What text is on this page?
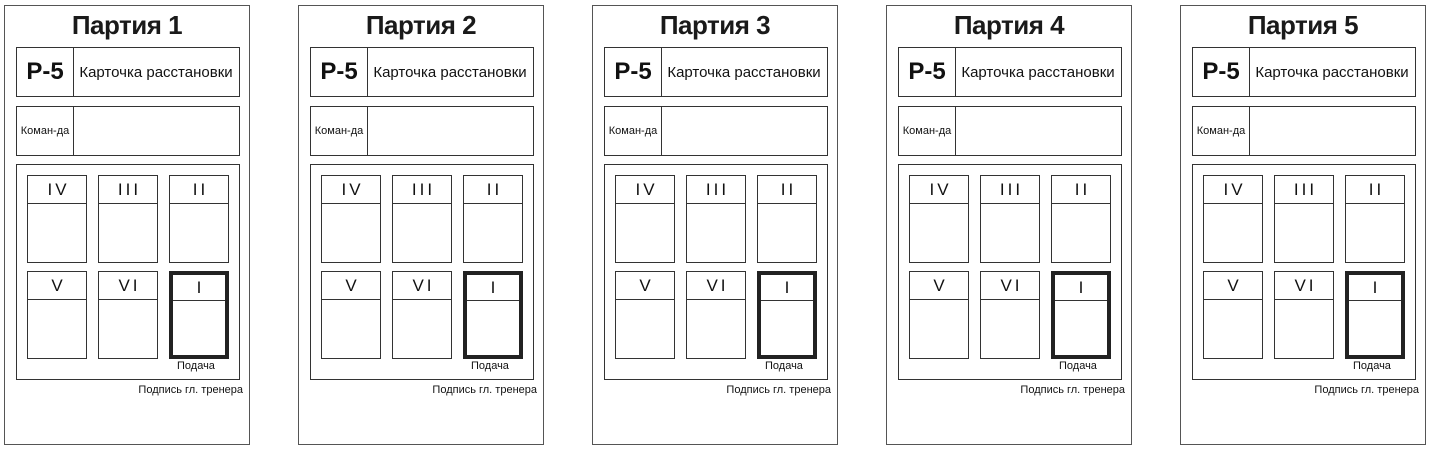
Партия 1
Р-5	Карточка расстановки
Коман-да
IV	III	II
V	VI	I
Подача
Подпись гл. тренера
Партия 2
Р-5	Карточка расстановки
Коман-да
IV	III	II
V	VI	I
Подача
Подпись гл. тренера
Партия 3
Р-5	Карточка расстановки
Коман-да
IV	III	II
V	VI	I
Подача
Подпись гл. тренера
Партия 4
Р-5	Карточка расстановки
Коман-да
IV	III	II
V	VI	I
Подача
Подпись гл. тренера
Партия 5
Р-5	Карточка расстановки
Коман-да
IV	III	II
V	VI	I
Подача
Подпись гл. тренера
